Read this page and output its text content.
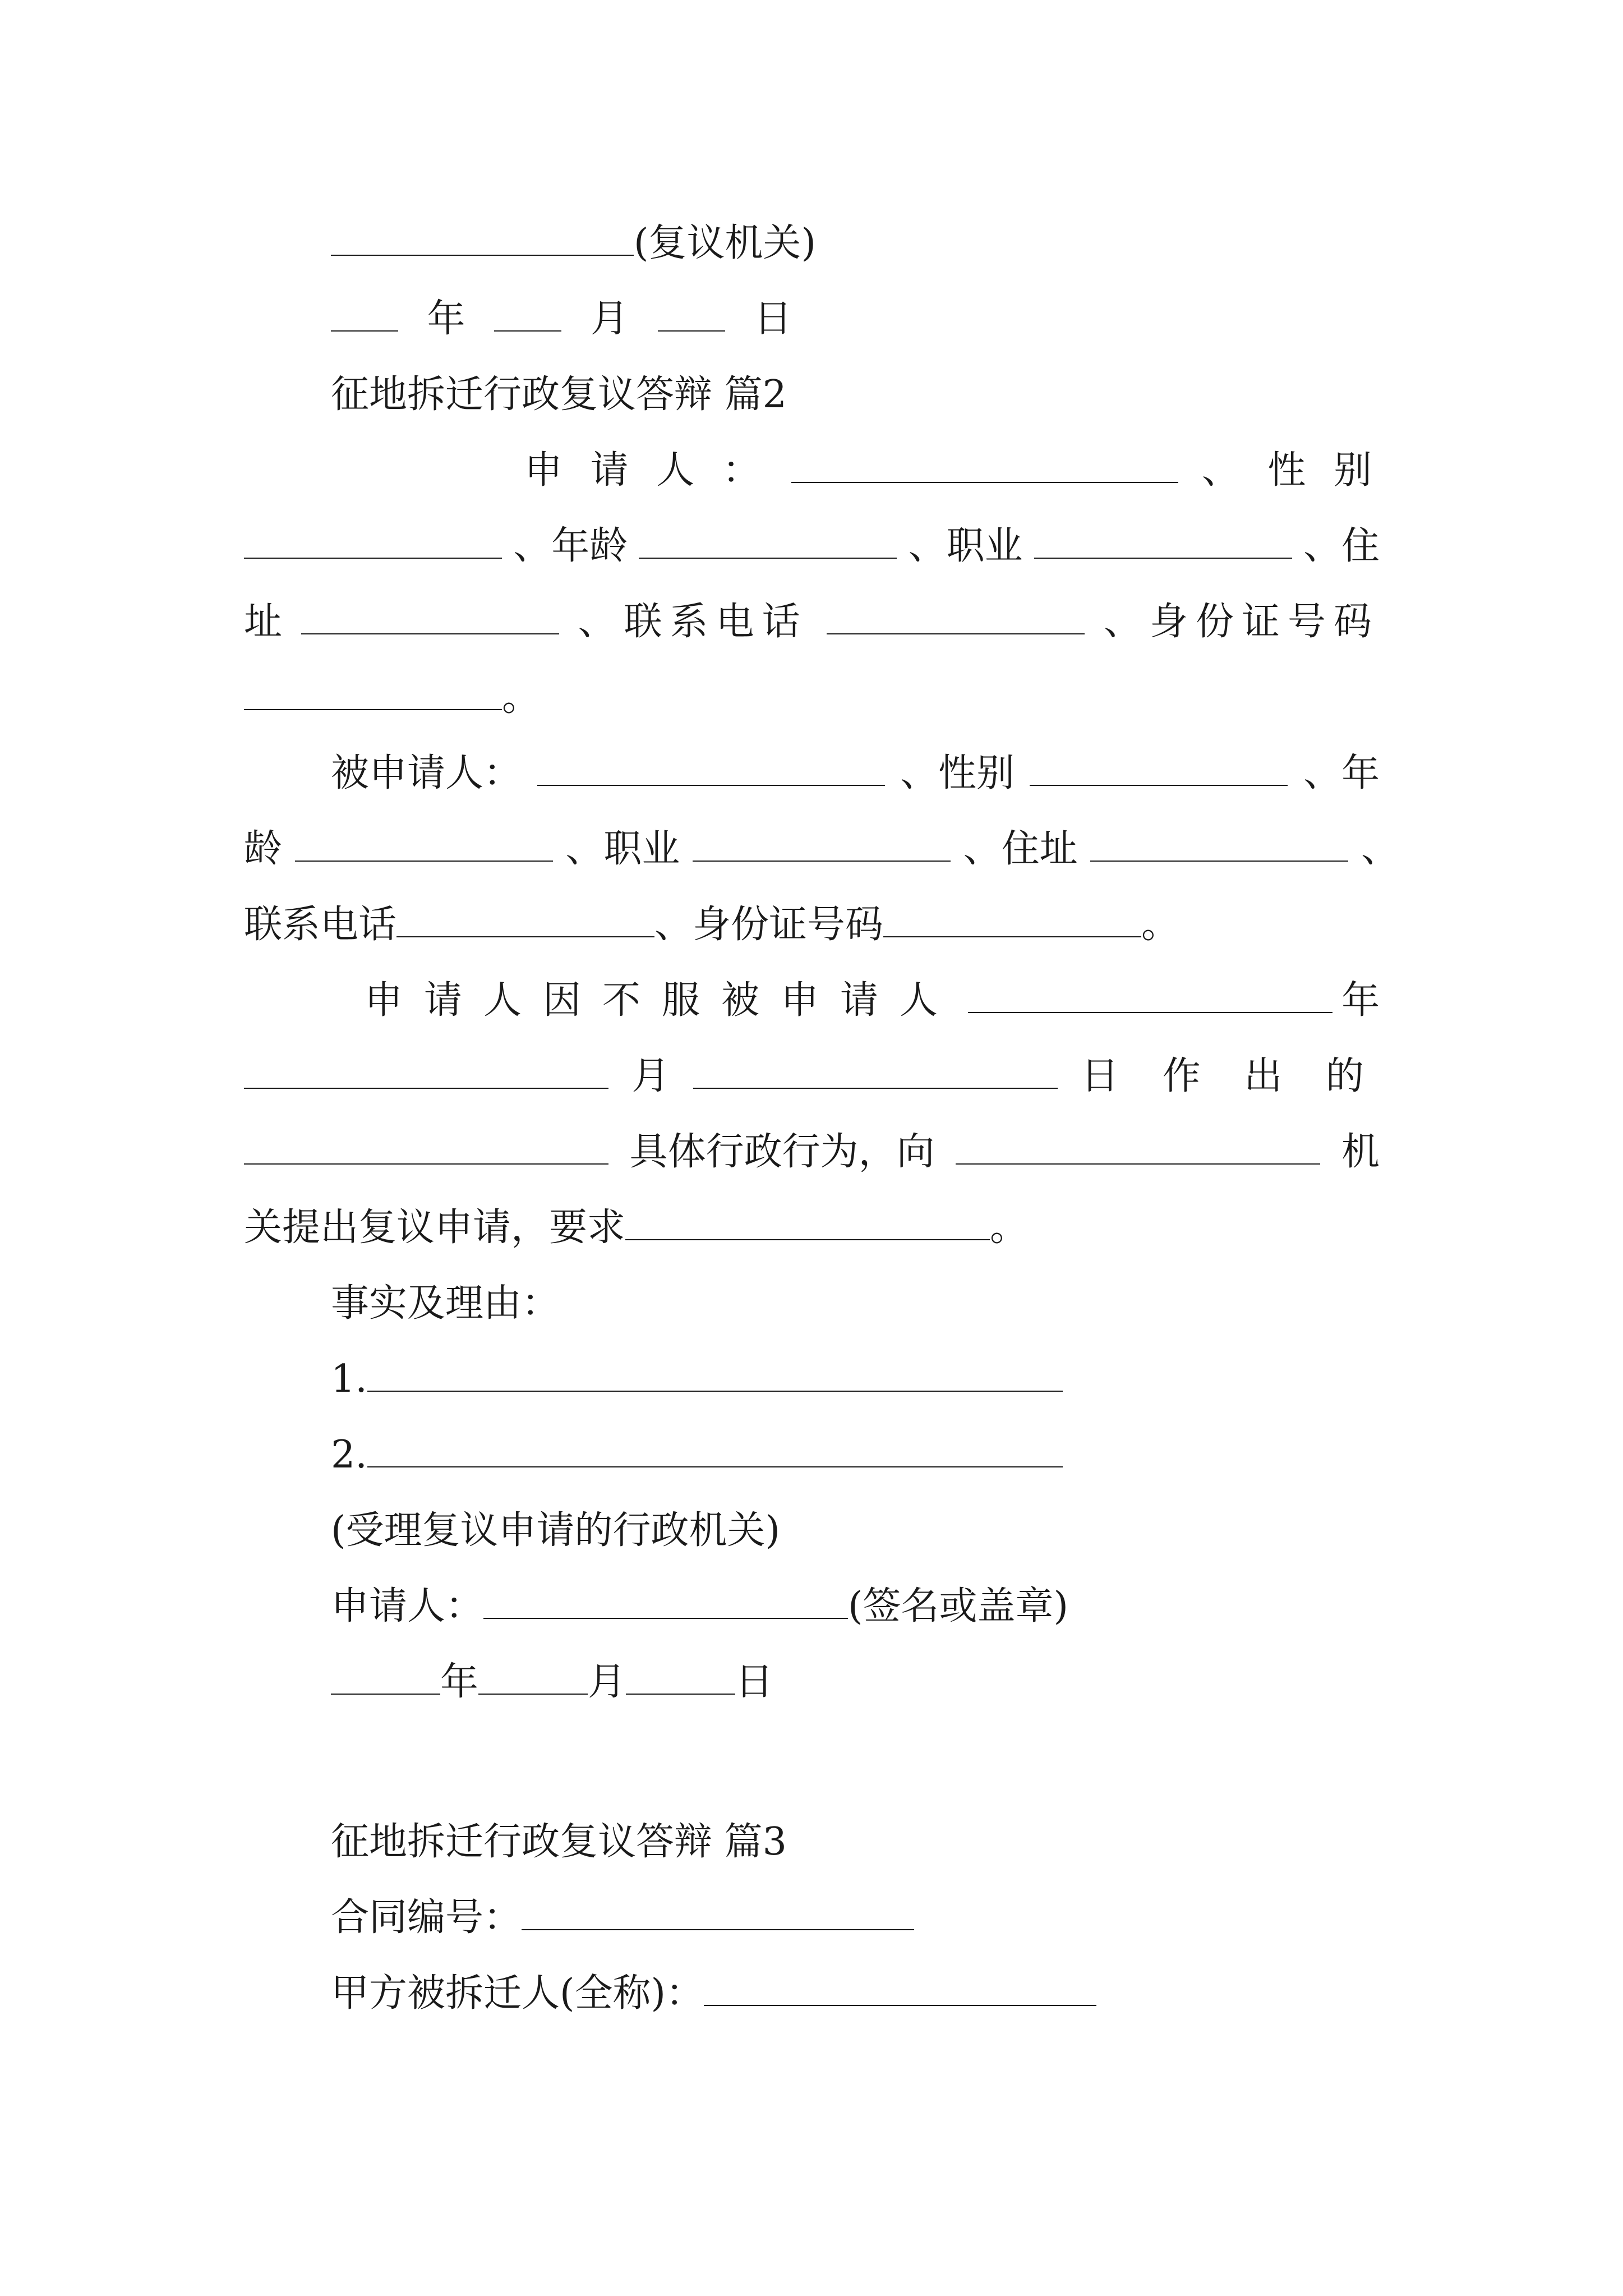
(复议机关)
年	月	日
征地拆迁行政复议答辩 篇2
申 请 人 ：	、 性 别
、年龄	、职业	、住
址	、联系电话	、身份证号码
。
被申请人：	、性别	、年
龄	、职业	、住址	、
联系电话	、身份证号码	。
申请人因不服被申请人	年
月	日 作 出 的
具体行政行为，向	机
关提出复议申请，要求	。
事实及理由：
1.
2.
(受理复议申请的行政机关)
申请人：	(签名或盖章)
年	月	日
征地拆迁行政复议答辩 篇3
合同编号：
甲方被拆迁人(全称)：
